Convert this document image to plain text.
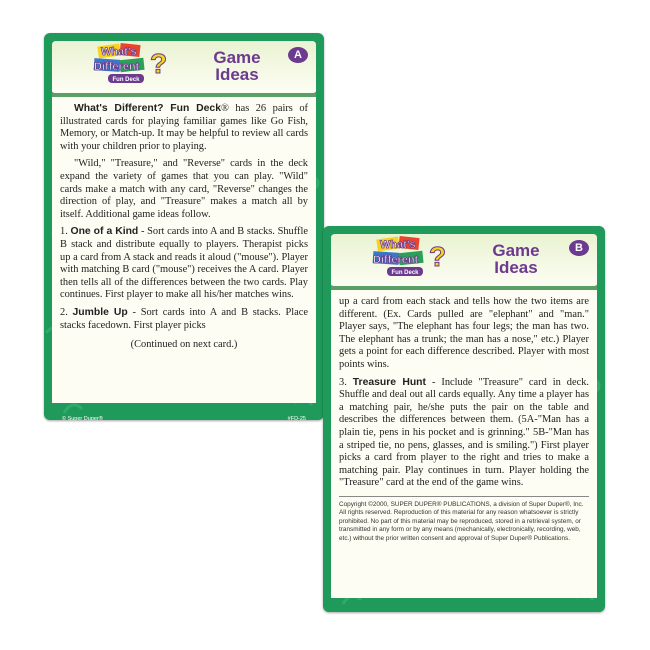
What's
Different ?
Fun Deck
Game
Ideas
A

What's Different? Fun Deck® has 26 pairs of illustrated cards for playing familiar games like Go Fish, Memory, or Match-up. It may be helpful to review all cards with your children prior to playing.

"Wild," "Treasure," and "Reverse" cards in the deck expand the variety of games that you can play. "Wild" cards make a match with any card, "Reverse" changes the direction of play, and "Treasure" makes a match all by itself. Additional game ideas follow.

1. One of a Kind - Sort cards into A and B stacks. Shuffle B stack and distribute equally to players. Therapist picks up a card from A stack and reads it aloud ("mouse"). Player with matching B card ("mouse") receives the A card. Player then tells all of the differences between the two cards. Play continues. First player to make all his/her matches wins.

2. Jumble Up - Sort cards into A and B stacks. Place stacks facedown. First player picks

(Continued on next card.)

© Super Duper®	#FD-25
What's
Different ?
Fun Deck
Game
Ideas
B

up a card from each stack and tells how the two items are different. (Ex. Cards pulled are "elephant" and "man." Player says, "The elephant has four legs; the man has two. The elephant has a trunk; the man has a nose," etc.) Player gets a point for each difference described. Player with most points wins.

3. Treasure Hunt - Include "Treasure" card in deck. Shuffle and deal out all cards equally. Any time a player has a matching pair, he/she puts the pair on the table and describes the differences between them. (5A-"Man has a plain tie, pens in his pocket and is grinning." 5B-"Man has a striped tie, no pens, glasses, and is smiling.") First player picks a card from player to the right and tries to make a matching pair. Play continues in turn. Player holding the "Treasure" card at the end of the game wins.

Copyright ©2000, SUPER DUPER® PUBLICATIONS, a division of Super Duper®, Inc. All rights reserved. Reproduction of this material for any reason whatsoever is strictly prohibited. No part of this material may be reproduced, stored in a retrieval system, or transmitted in any form or by any means (mechanically, electronically, recording, web, etc.) without the prior written consent and approval of Super Duper® Publications.
